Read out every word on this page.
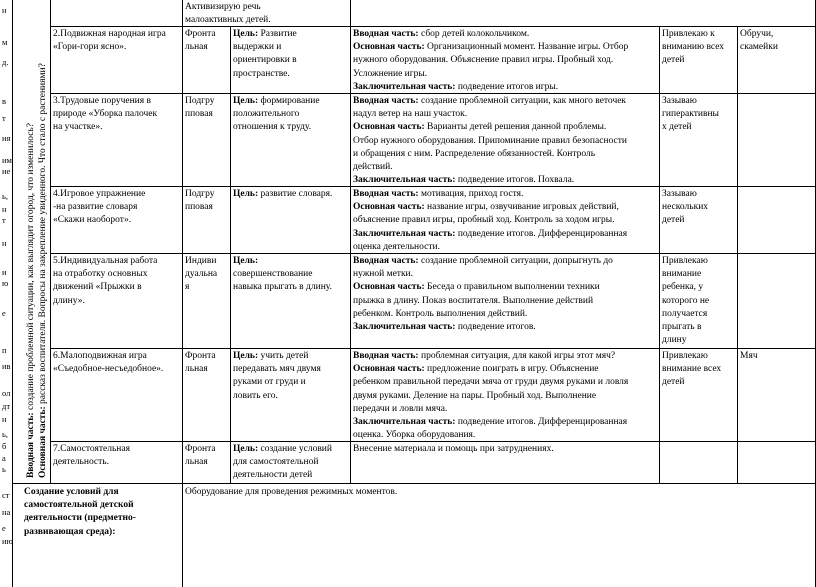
н
м
д.
в
т
ия
им
ие
ь,
н
т
н
и
ю
е
п
ив
ол
дт
н
ь,
б
а
ь
ст
на
е
ию
Вводная часть: создание проблемной ситуации, как выглядит огород, что изменилось?
Основная часть: рассказ воспитателя. Вопросы на закрепление увиденного. Что стало с растениями?
Активизирую речь
малоактивных детей.
2.Подвижная народная игра
«Гори-гори ясно».
Фронта
льная
Цель: Развитие
выдержки и
ориентировки в
пространстве.
Вводная часть: сбор детей колокольчиком.
Основная часть: Организационный момент. Название игры. Отбор
нужного оборудования. Объяснение правил игры. Пробный ход.
Усложнение игры.
Заключительная часть: подведение итогов игры.
Привлекаю к
вниманию всех
детей
Обручи,
скамейки
3.Трудовые поручения в
природе «Уборка палочек
на участке».
Подгру
пповая
Цель: формирование
положительного
отношения к труду.
Вводная часть: создание проблемной ситуации, как много веточек
надул ветер на наш участок.
Основная часть: Варианты детей решения данной проблемы.
Отбор нужного оборудования. Припоминание правил безопасности
и обращения с ним. Распределение обязанностей. Контроль
действий.
Заключительная часть: подведение итогов. Похвала.
Зазываю
гиперактивны
х детей
4.Игровое упражнение
-на развитие словаря
«Скажи наоборот».
Подгру
пповая
Цель: развитие словаря.	Вводная часть: мотивация, приход гостя.
Основная часть: название игры, озвучивание игровых действий,
объяснение правил игры, пробный ход. Контроль за ходом игры.
Заключительная часть: подведение итогов. Дифференцированная
оценка деятельности.
Зазываю
нескольких
детей
5.Индивидуальная работа
на отработку основных
движений «Прыжки в
длину».
Индиви
дуальна
я
Цель:
совершенствование
навыка прыгать в длину.
Вводная часть: создание проблемной ситуации, допрыгнуть до
нужной метки.
Основная часть: Беседа о правильном выполнении техники
прыжка в длину. Показ воспитателя. Выполнение действий
ребенком. Контроль выполнения действий.
Заключительная часть: подведение итогов.
Привлекаю
внимание
ребенка, у
которого не
получается
прыгать в
длину
6.Малоподвижная игра
«Съедобное-несъедобное».
Фронта
льная
Цель: учить детей
передавать мяч двумя
руками от груди и
ловить его.
Вводная часть: проблемная ситуация, для какой игры этот мяч?
Основная часть: предложение поиграть в игру. Объяснение
ребенком правильной передачи мяча от груди двумя руками и ловля
двумя руками. Деление на пары. Пробный ход. Выполнение
передачи и ловли мяча.
Заключительная часть: подведение итогов. Дифференцированная
оценка. Уборка оборудования.
Привлекаю
внимание всех
детей
Мяч
7.Самостоятельная
деятельность.
Фронта
льная
Цель: создание условий
для самостоятельной
деятельности детей
Внесение материала и помощь при затруднениях.
Создание условий для
самостоятельной детской
деятельности (предметно-
развивающая среда):
Оборудование для проведения режимных моментов.
